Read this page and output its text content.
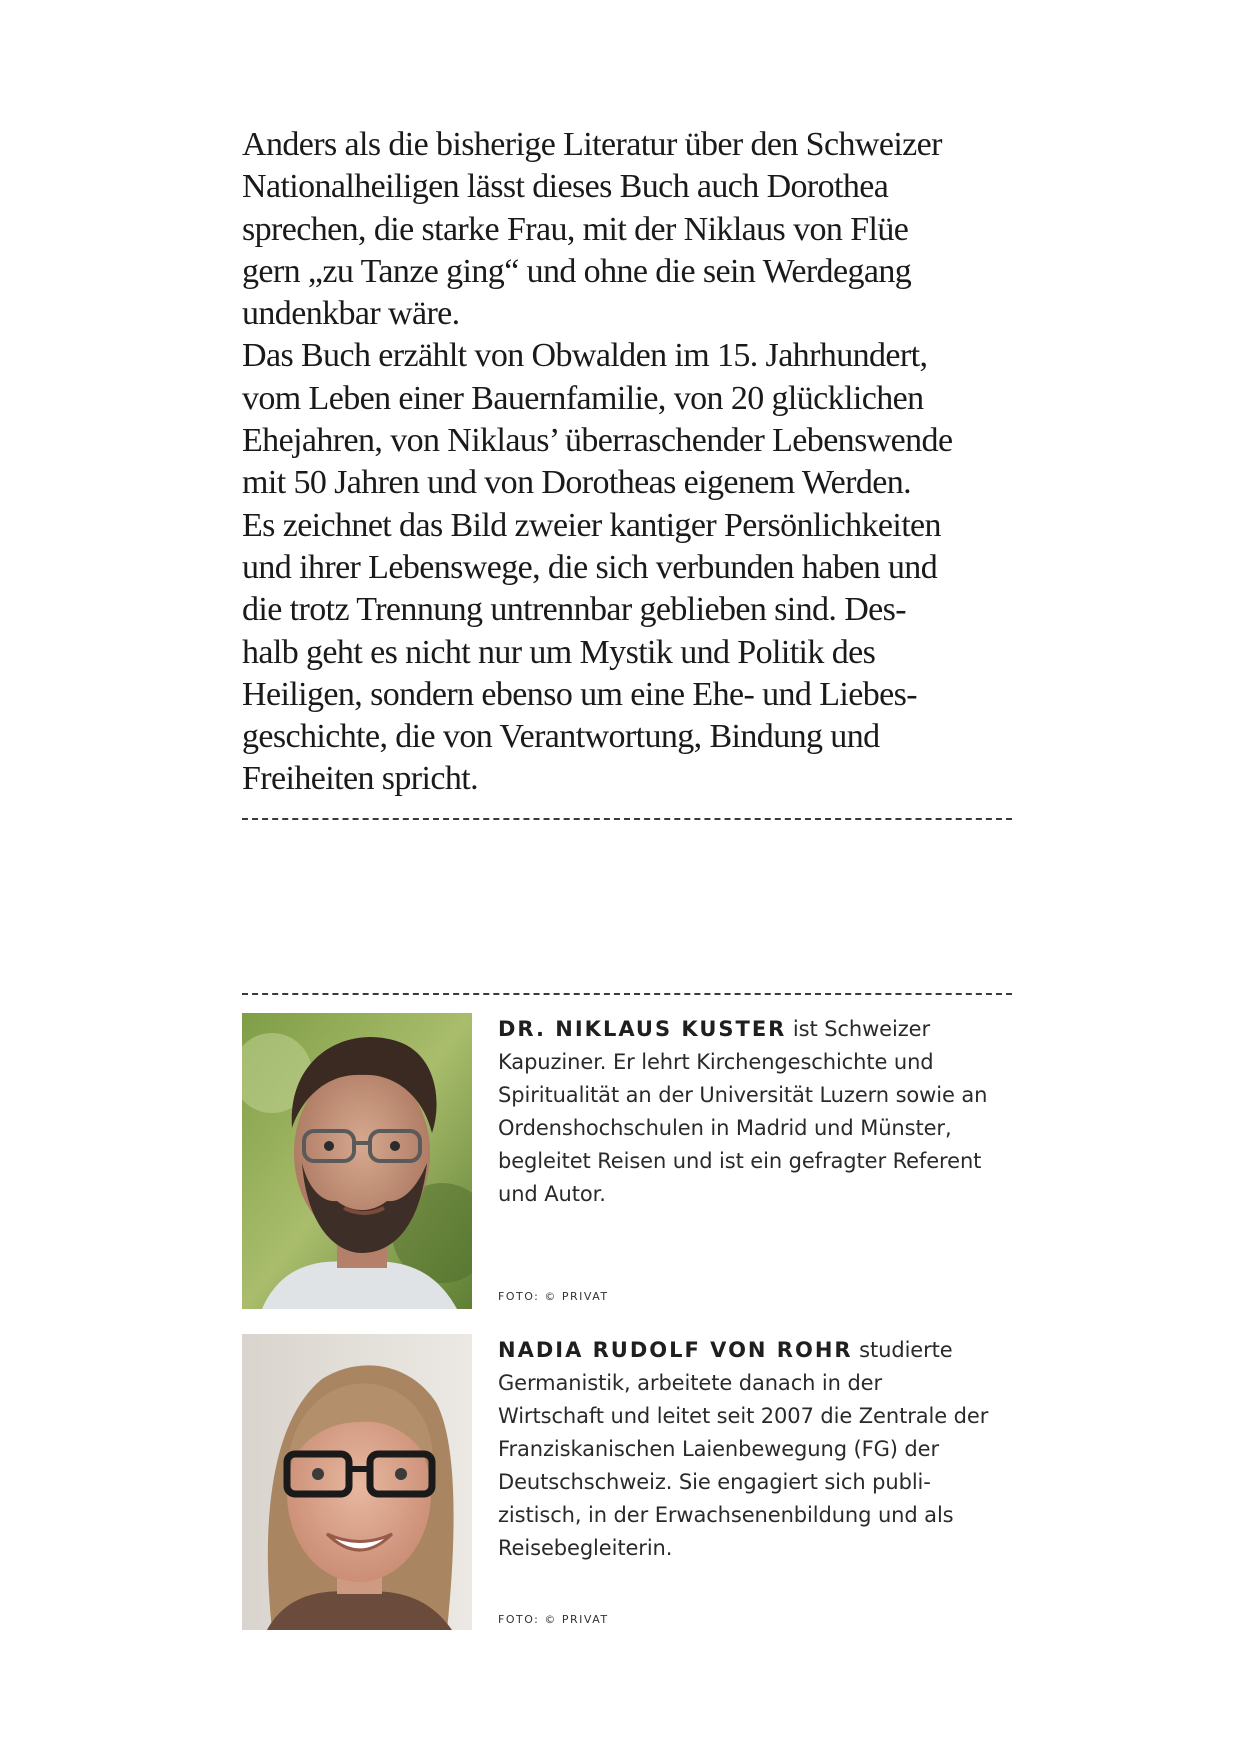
Anders als die bisherige Literatur über den Schweizer
Nationalheiligen lässt dieses Buch auch Dorothea
sprechen, die starke Frau, mit der Niklaus von Flüe
gern „zu Tanze ging“ und ohne die sein Werdegang
undenkbar wäre.

Das Buch erzählt von Obwalden im 15. Jahrhundert,
vom Leben einer Bauernfamilie, von 20 glücklichen
Ehejahren, von Niklaus’ überraschender Lebenswende
mit 50 Jahren und von Dorotheas eigenem Werden.

Es zeichnet das Bild zweier kantiger Persönlichkeiten
und ihrer Lebenswege, die sich verbunden haben und
die trotz Trennung untrennbar geblieben sind. Des-
halb geht es nicht nur um Mystik und Politik des
Heiligen, sondern ebenso um eine Ehe- und Liebes-
geschichte, die von Verantwortung, Bindung und
Freiheiten spricht.

DR. NIKLAUS KUSTER ist Schweizer
Kapuziner. Er lehrt Kirchengeschichte und
Spiritualität an der Universität Luzern sowie an
Ordenshochschulen in Madrid und Münster,
begleitet Reisen und ist ein gefragter Referent
und Autor.
FOTO: © PRIVAT
NADIA RUDOLF VON ROHR studierte
Germanistik, arbeitete danach in der
Wirtschaft und leitet seit 2007 die Zentrale der
Franziskanischen Laienbewegung (FG) der
Deutschschweiz. Sie engagiert sich publi-
zistisch, in der Erwachsenenbildung und als
Reisebegleiterin.
FOTO: © PRIVAT
